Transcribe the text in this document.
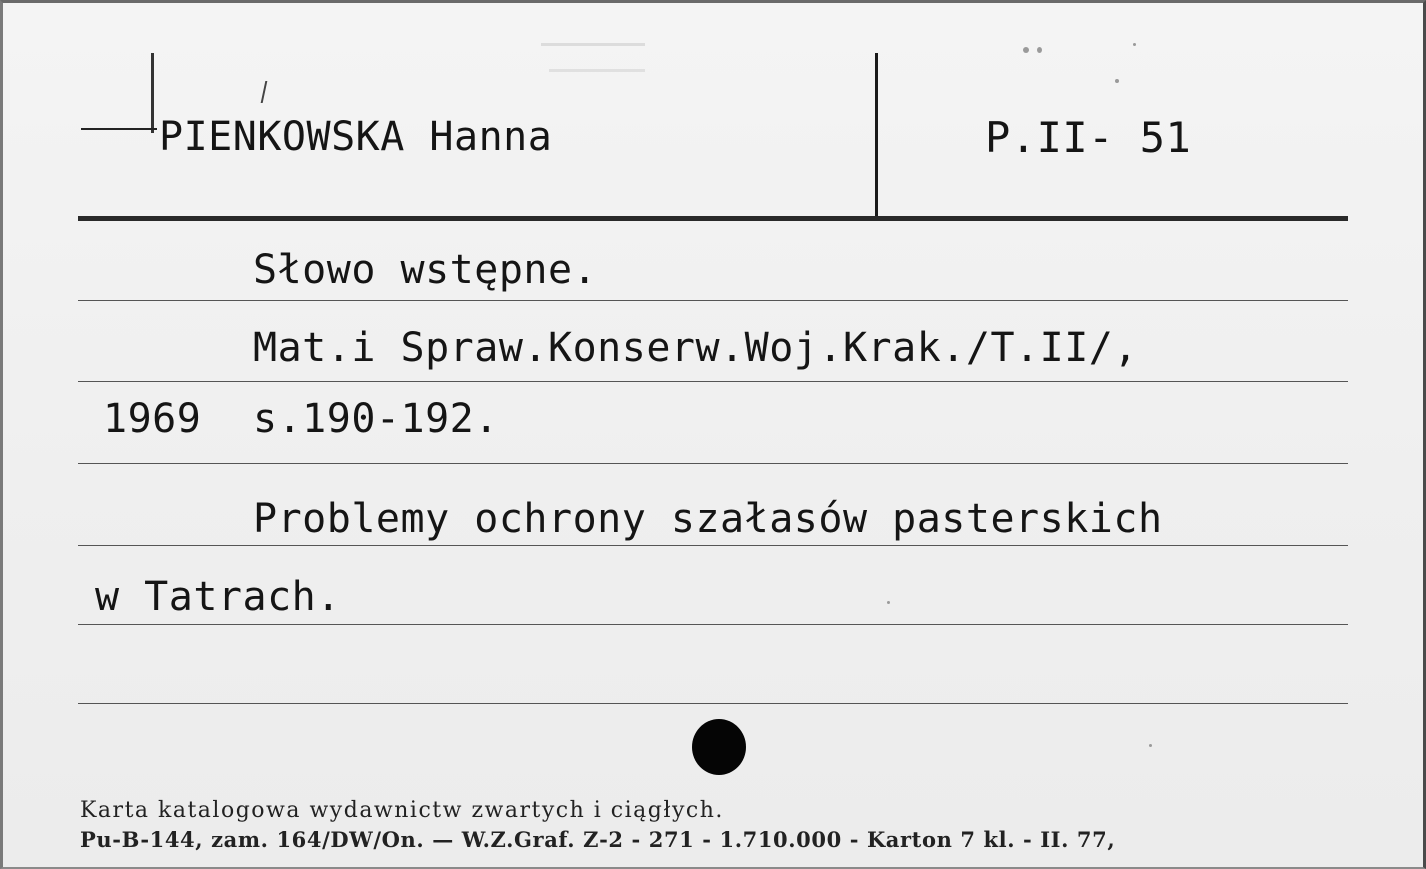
PIENKOWSKA Hanna	P.II- 51
Słowo wstępne.
Mat.i Spraw.Konserw.Woj.Krak./T.II/,
1969 s.190-192.
Problemy ochrony szałasów pasterskich
w Tatrach.
Karta katalogowa wydawnictw zwartych i ciągłych.
Pu-B-144, zam. 164/DW/On. — W.Z.Graf. Z-2 - 271 - 1.710.000 - Karton 7 kl. - II. 77,
